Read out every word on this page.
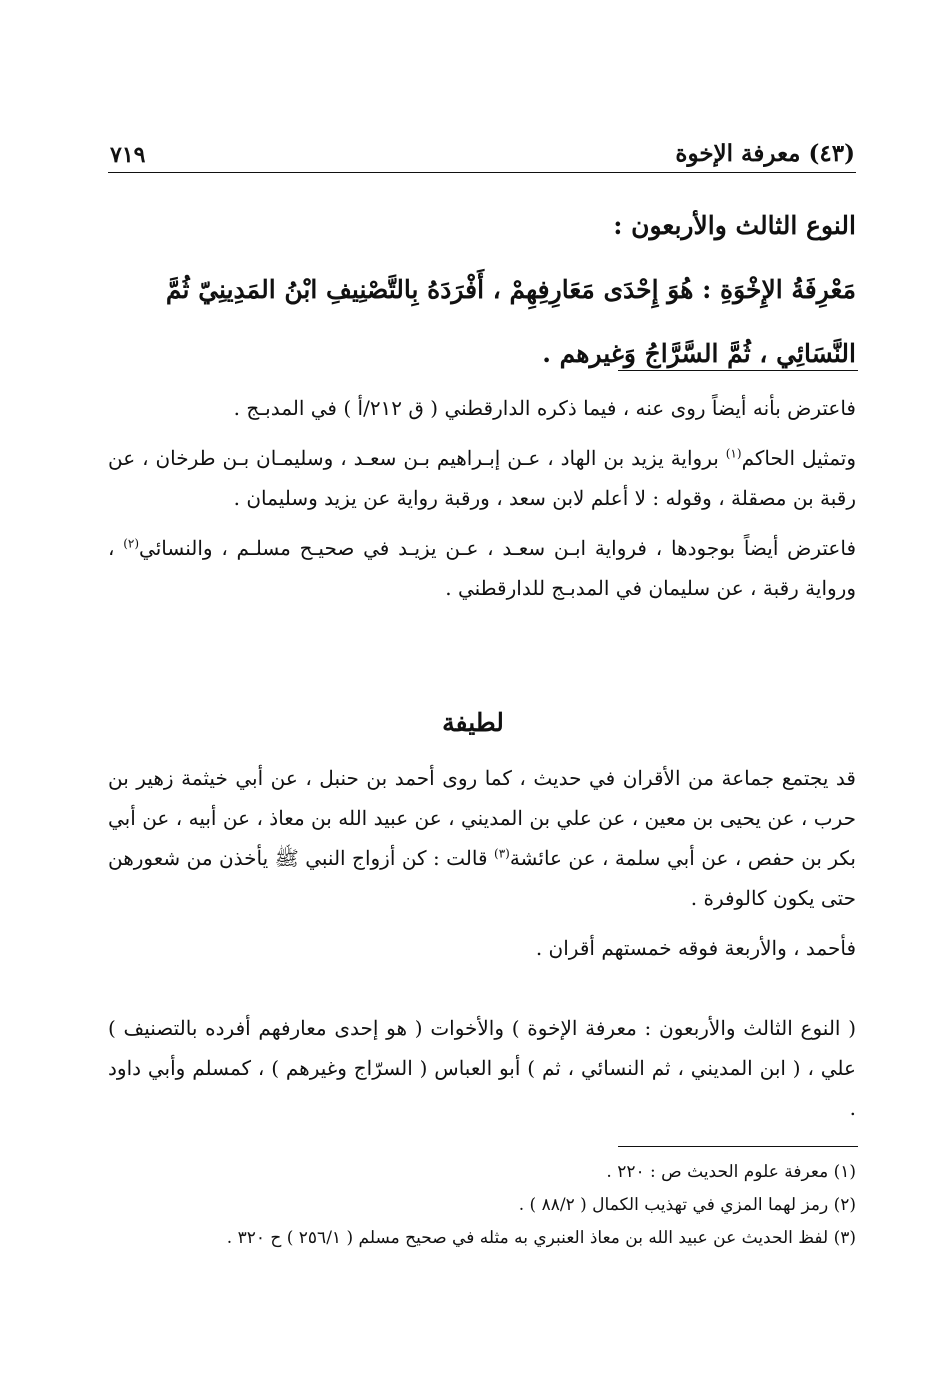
(٤٣) معرفة الإخوة
٧١٩

النوع الثالث والأربعون :

مَعْرِفَةُ الإِخْوَةِ : هُوَ إِحْدَى مَعَارِفِهِمْ ، أَفْرَدَهُ بِالتَّصْنِيفِ ابْنُ المَدِينِيّ ثُمَّ

النَّسَائِي ، ثُمَّ السَّرَّاجُ وَغيرهم .

فاعترض بأنه أيضاً روى عنه ، فيما ذكره الدارقطني ( ق ٢١٢/أ ) في المدبـج .

وتمثيل الحاكم$^{(١)}$ برواية يزيد بن الهاد ، عـن إبـراهيم بـن سعـد ، وسليمـان بـن طرخان ، عن رقبة بن مصقلة ، وقوله : لا أعلم لابن سعد ، ورقبة رواية عن يزيد وسليمان .

فاعترض أيضاً بوجودها ، فرواية ابـن سعـد ، عـن يزيـد في صحيـح مسلـم ، والنسائي$^{(٢)}$ ، ورواية رقبة ، عن سليمان في المدبـج للدارقطني .

لطيفة

قد يجتمع جماعة من الأقران في حديث ، كما روى أحمد بن حنبل ، عن أبي خيثمة زهير بن حرب ، عن يحيى بن معين ، عن علي بن المديني ، عن عبيد الله بن معاذ ، عن أبيه ، عن أبي بكر بن حفص ، عن أبي سلمة ، عن عائشة$^{(٣)}$ قالت : كن أزواج النبي ﷺ يأخذن من شعورهن حتى يكون كالوفرة .

فأحمد ، والأربعة فوقه خمستهم أقران .

( النوع الثالث والأربعون : معرفة الإخوة ) والأخوات ( هو إحدى معارفهم أفرده بالتصنيف ) علي ، ( ابن المديني ، ثم النسائي ، ثم ) أبو العباس ( السرّاج وغيرهم ) ، كمسلم وأبي داود .

(١) معرفة علوم الحديث ص : ٢٢٠ .

(٢) رمز لهما المزي في تهذيب الكمال ( ٨٨/٢ ) .

(٣) لفظ الحديث عن عبيد الله بن معاذ العنبري به مثله في صحيح مسلم ( ٢٥٦/١ ) ح ٣٢٠ .
